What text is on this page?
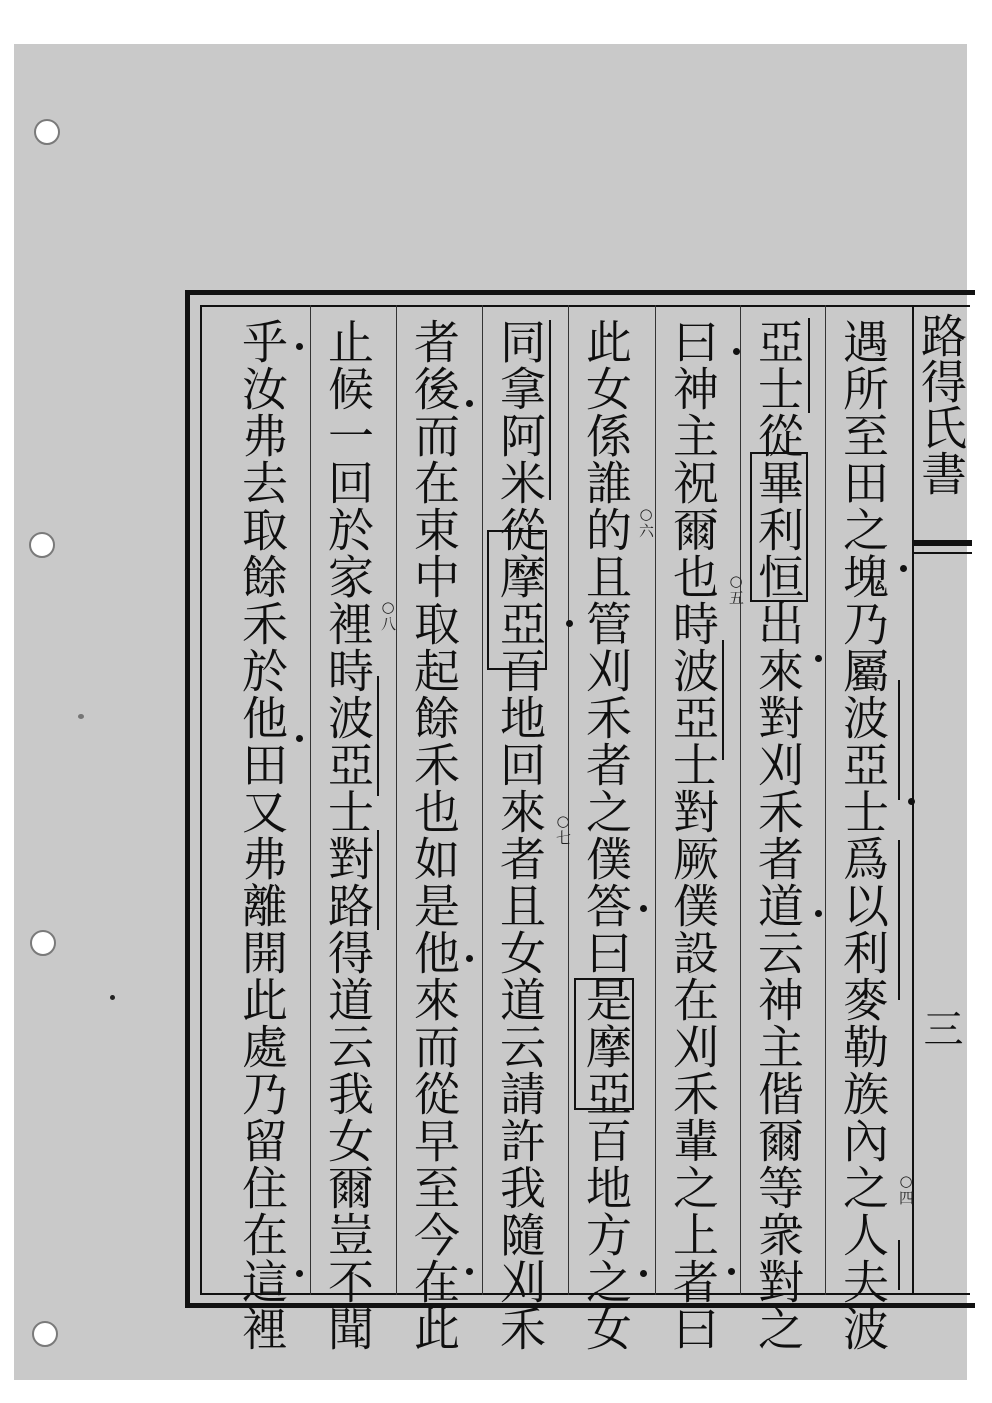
路得氏書
三
遇所至田之塊乃屬波亞士爲以利麥勒族內之人夫波
亞士從畢利恒出來對刈禾者道云神主偕爾等衆對之
曰神主祝爾也時波亞士對厥僕設在刈禾輩之上者曰
此女係誰的且管刈禾者之僕答曰是摩亞百地方之女
同拿阿米從摩亞百地回來者且女道云請許我隨刈禾
者後而在束中取起餘禾也如是他來而從早至今在此
止候一回於家裡時波亞士對路得道云我女爾豈不聞
乎汝弗去取餘禾於他田又弗離開此處乃留住在這裡	○四
○五
○六
○七
○八
